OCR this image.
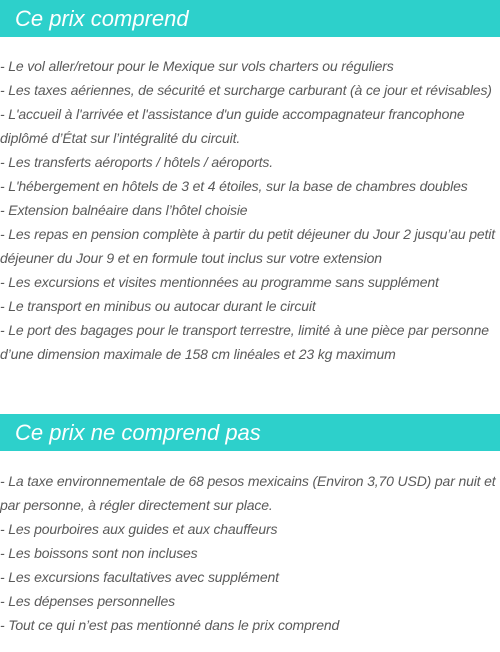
Ce prix comprend
- Le vol aller/retour pour le Mexique sur vols charters ou réguliers
- Les taxes aériennes, de sécurité et surcharge carburant (à ce jour et révisables)
- L'accueil à l'arrivée et l'assistance d'un guide accompagnateur francophone diplômé d’État sur l’intégralité du circuit.
- Les transferts aéroports / hôtels / aéroports.
- L'hébergement en hôtels de 3 et 4 étoiles, sur la base de chambres doubles
- Extension balnéaire dans l’hôtel choisie
- Les repas en pension complète à partir du petit déjeuner du Jour 2 jusqu’au petit déjeuner du Jour 9 et en formule tout inclus sur votre extension
- Les excursions et visites mentionnées au programme sans supplément
- Le transport en minibus ou autocar durant le circuit
- Le port des bagages pour le transport terrestre, limité à une pièce par personne d’une dimension maximale de 158 cm linéales et 23 kg maximum
Ce prix ne comprend pas
- La taxe environnementale de 68 pesos mexicains (Environ 3,70 USD) par nuit et par personne, à régler directement sur place.
- Les pourboires aux guides et aux chauffeurs
- Les boissons sont non incluses
- Les excursions facultatives avec supplément
- Les dépenses personnelles
- Tout ce qui n’est pas mentionné dans le prix comprend
